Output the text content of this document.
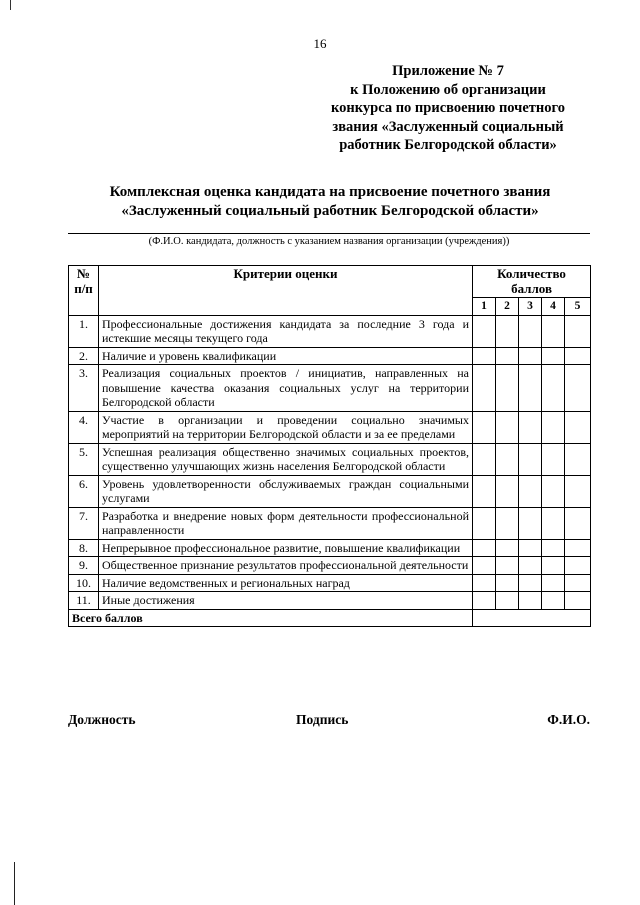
16
Приложение № 7
к Положению об организации
конкурса по присвоению почетного
звания «Заслуженный социальный
работник Белгородской области»
Комплексная оценка кандидата на присвоение почетного звания
«Заслуженный социальный работник Белгородской области»
(Ф.И.О. кандидата, должность с указанием названия организации (учреждения))
№ п/п	Критерии оценки	Количество баллов				
		1	2	3	4	5
1.	Профессиональные достижения кандидата за последние 3 года и истекшие месяцы текущего года					
2.	Наличие и уровень квалификации					
3.	Реализация социальных проектов / инициатив, направленных на повышение качества оказания социальных услуг на территории Белгородской области					
4.	Участие в организации и проведении социально значимых мероприятий на территории Белгородской области и за ее пределами					
5.	Успешная реализация общественно значимых социальных проектов, существенно улучшающих жизнь населения Белгородской области					
6.	Уровень удовлетворенности обслуживаемых граждан социальными услугами					
7.	Разработка и внедрение новых форм деятельности профессиональной направленности					
8.	Непрерывное профессиональное развитие, повышение квалификации					
9.	Общественное признание результатов профессиональной деятельности					
10.	Наличие ведомственных и региональных наград					
11.	Иные достижения					
Всего баллов						
Должность	Подпись	Ф.И.О.
